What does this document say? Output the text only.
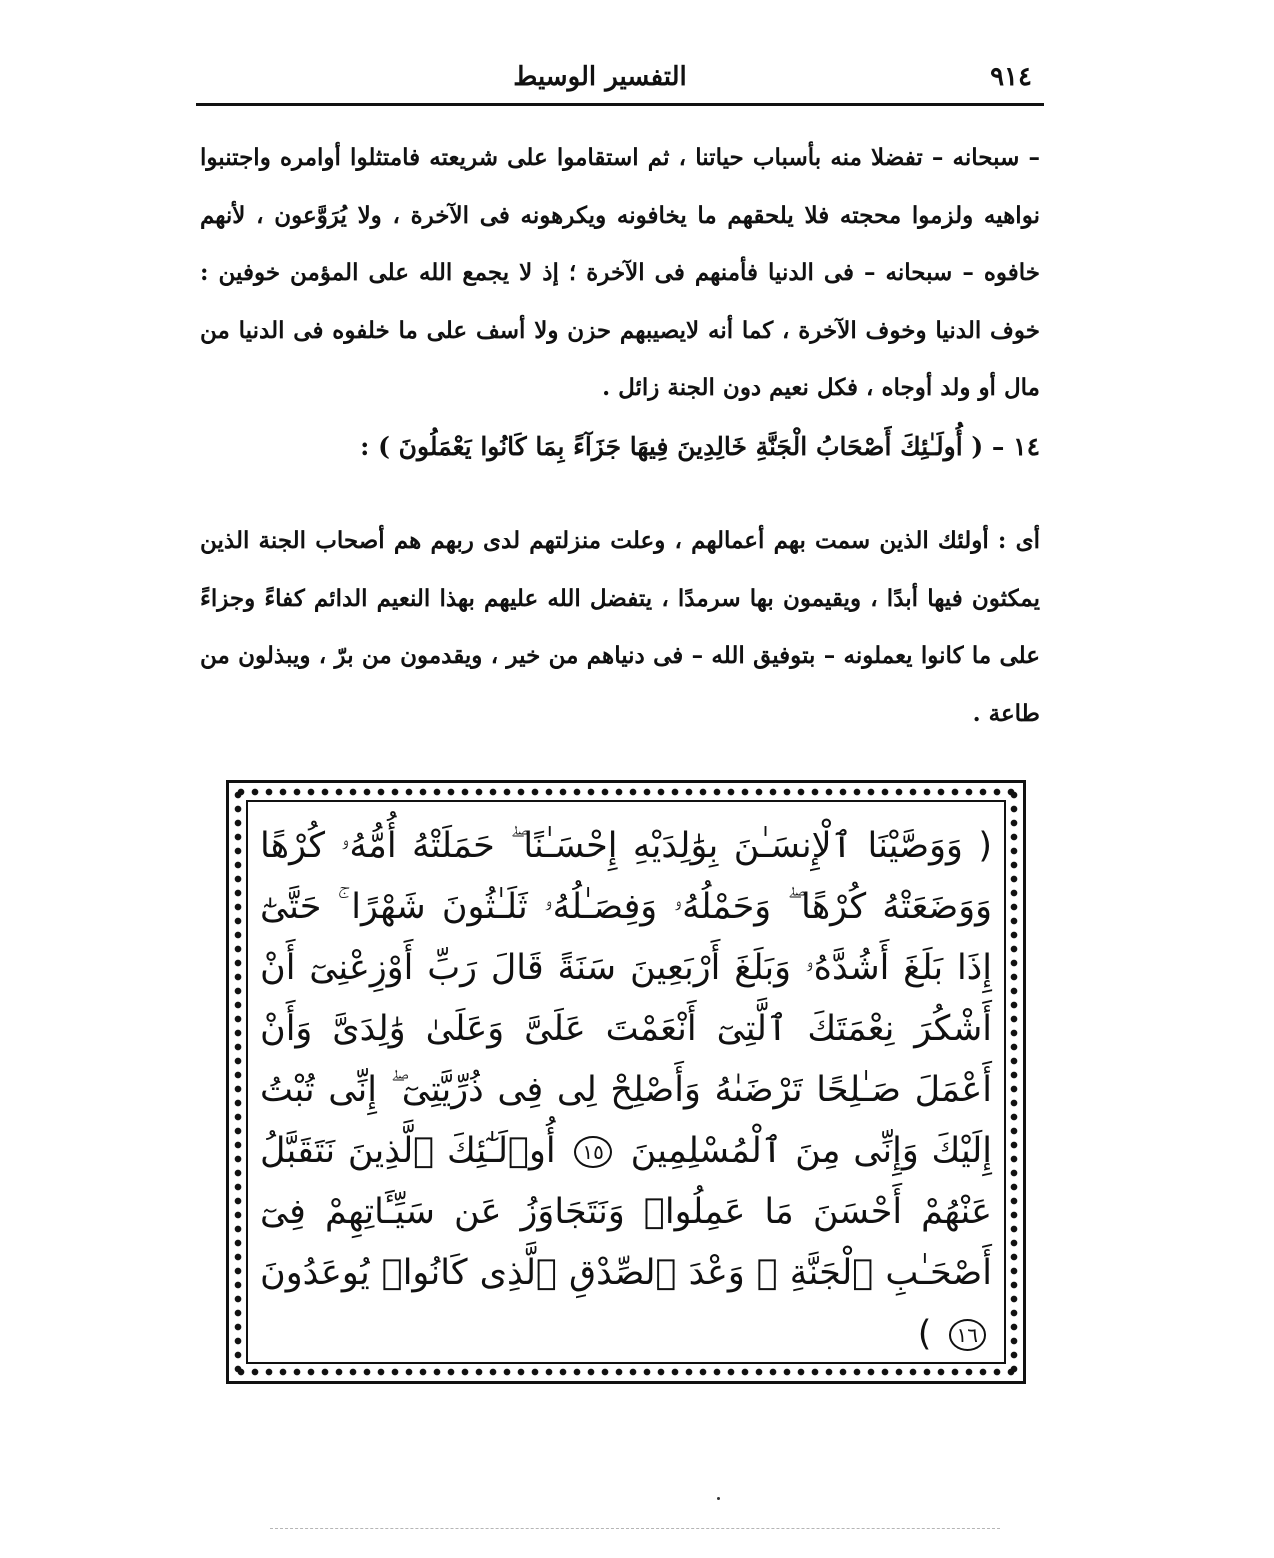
٩١٤
التفسير الوسيط

– سبحانه – تفضلا منه بأسباب حياتنا ، ثم استقاموا على شريعته فامتثلوا أوامره واجتنبوا نواهيه ولزموا محجته فلا يلحقهم ما يخافونه ويكرهونه فى الآخرة ، ولا يُرَوَّعون ، لأنهم خافوه – سبحانه – فى الدنيا فأمنهم فى الآخرة ؛ إذ لا يجمع الله على المؤمن خوفين : خوف الدنيا وخوف الآخرة ، كما أنه لايصيبهم حزن ولا أسف على ما خلفوه فى الدنيا من مال أو ولد أوجاه ، فكل نعيم دون الجنة زائل .

١٤ – ( أُولَـٰئِكَ أَصْحَابُ الْجَنَّةِ خَالِدِينَ فِيهَا جَزَآءً بِمَا كَانُوا يَعْمَلُونَ ) :

أى : أولئك الذين سمت بهم أعمالهم ، وعلت منزلتهم لدى ربهم هم أصحاب الجنة الذين يمكثون فيها أبدًا ، ويقيمون بها سرمدًا ، يتفضل الله عليهم بهذا النعيم الدائم كفاءً وجزاءً على ما كانوا يعملونه – بتوفيق الله – فى دنياهم من خير ، ويقدمون من برّ ، ويبذلون من طاعة .

( وَوَصَّيْنَا ٱلْإِنسَـٰنَ بِوَٰلِدَيْهِ إِحْسَـٰنًا ۖ حَمَلَتْهُ أُمُّهُۥ كُرْهًا وَوَضَعَتْهُ كُرْهًا ۖ وَحَمْلُهُۥ وَفِصَـٰلُهُۥ ثَلَـٰثُونَ شَهْرًا ۚ حَتَّىٰٓ إِذَا بَلَغَ أَشُدَّهُۥ وَبَلَغَ أَرْبَعِينَ سَنَةً قَالَ رَبِّ أَوْزِعْنِىٓ أَنْ أَشْكُرَ نِعْمَتَكَ ٱلَّتِىٓ أَنْعَمْتَ عَلَىَّ وَعَلَىٰ وَٰلِدَىَّ وَأَنْ أَعْمَلَ صَـٰلِحًا تَرْضَىٰهُ وَأَصْلِحْ لِى فِى ذُرِّيَّتِىٓ ۖ إِنِّى تُبْتُ إِلَيْكَ وَإِنِّى مِنَ ٱلْمُسْلِمِينَ ١٥ أُو۟لَـٰٓئِكَ ٱلَّذِينَ نَتَقَبَّلُ عَنْهُمْ أَحْسَنَ مَا عَمِلُوا۟ وَنَتَجَاوَزُ عَن سَيِّـَٔاتِهِمْ فِىٓ أَصْحَـٰبِ ٱلْجَنَّةِ ۖ وَعْدَ ٱلصِّدْقِ ٱلَّذِى كَانُوا۟ يُوعَدُونَ ١٦ )
